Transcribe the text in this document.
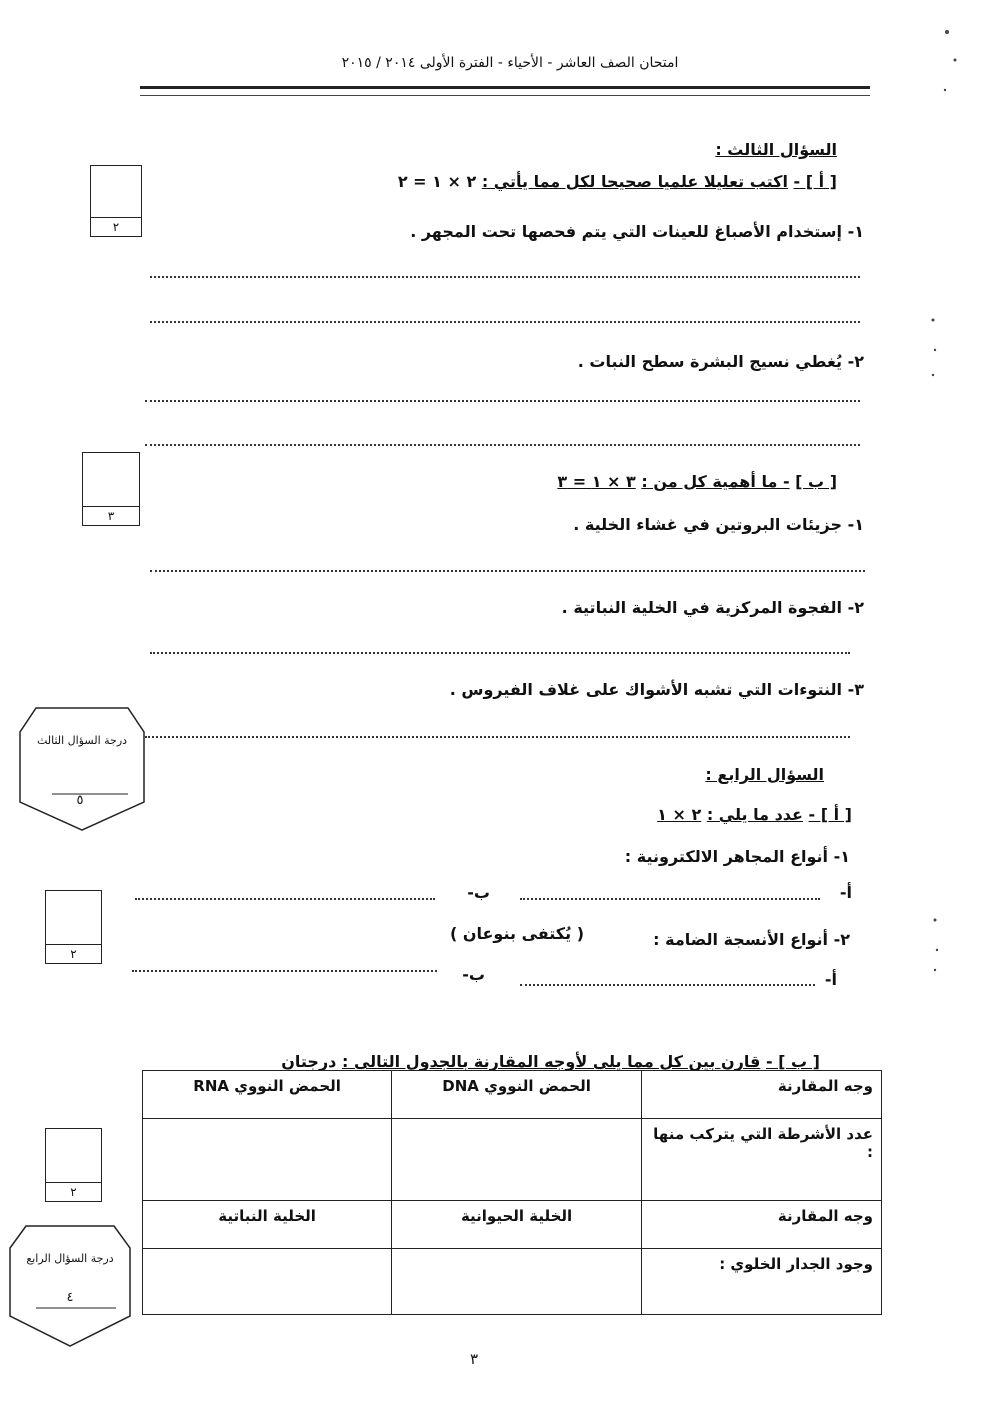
امتحان الصف العاشر - الأحياء - الفترة الأولى ٢٠١٤ / ٢٠١٥
السؤال الثالث :
[ أ ] - اكتب تعليلا علميا صحيحا لكل مما يأتي : ٢ × ١ = ٢
٢	١- إستخدام الأصباغ للعينات التي يتم فحصها تحت المجهر .
٢- يُغطي نسيج البشرة سطح النبات .
٣
[ ب ] - ما أهمية كل من : ٣ × ١ = ٣
١- جزيئات البروتين في غشاء الخلية .
٢- الفجوة المركزية في الخلية النباتية .
٣- النتوءات التي تشبه الأشواك على غلاف الفيروس .
درجة السؤال الثالث
٥
السؤال الرابع :
[ أ ] - عدد ما يلي : ٢ × ١
١- أنواع المجاهر الالكترونية :
أ-
ب-
٢
٢- أنواع الأنسجة الضامة :
( يُكتفى بنوعان )
أ-
ب-
[ ب ] - قارن بين كل مما يلي لأوجه المقارنة بالجدول التالي : درجتان
وجه المقارنة	الحمض النووي DNA	الحمض النووي RNA
عدد الأشرطة التي يتركب منها :		
وجه المقارنة	الخلية الحيوانية	الخلية النباتية
وجود الجدار الخلوي :		
٢
درجة السؤال الرابع
٤
٣
